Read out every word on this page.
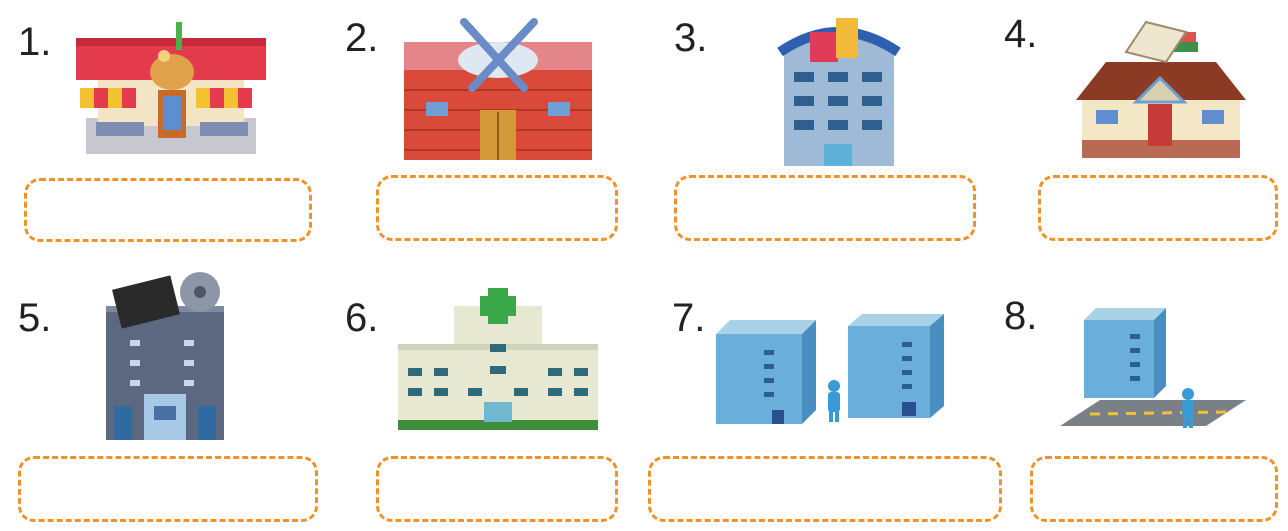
1.	2.	3.	4.
5.	6.	7.	8.
